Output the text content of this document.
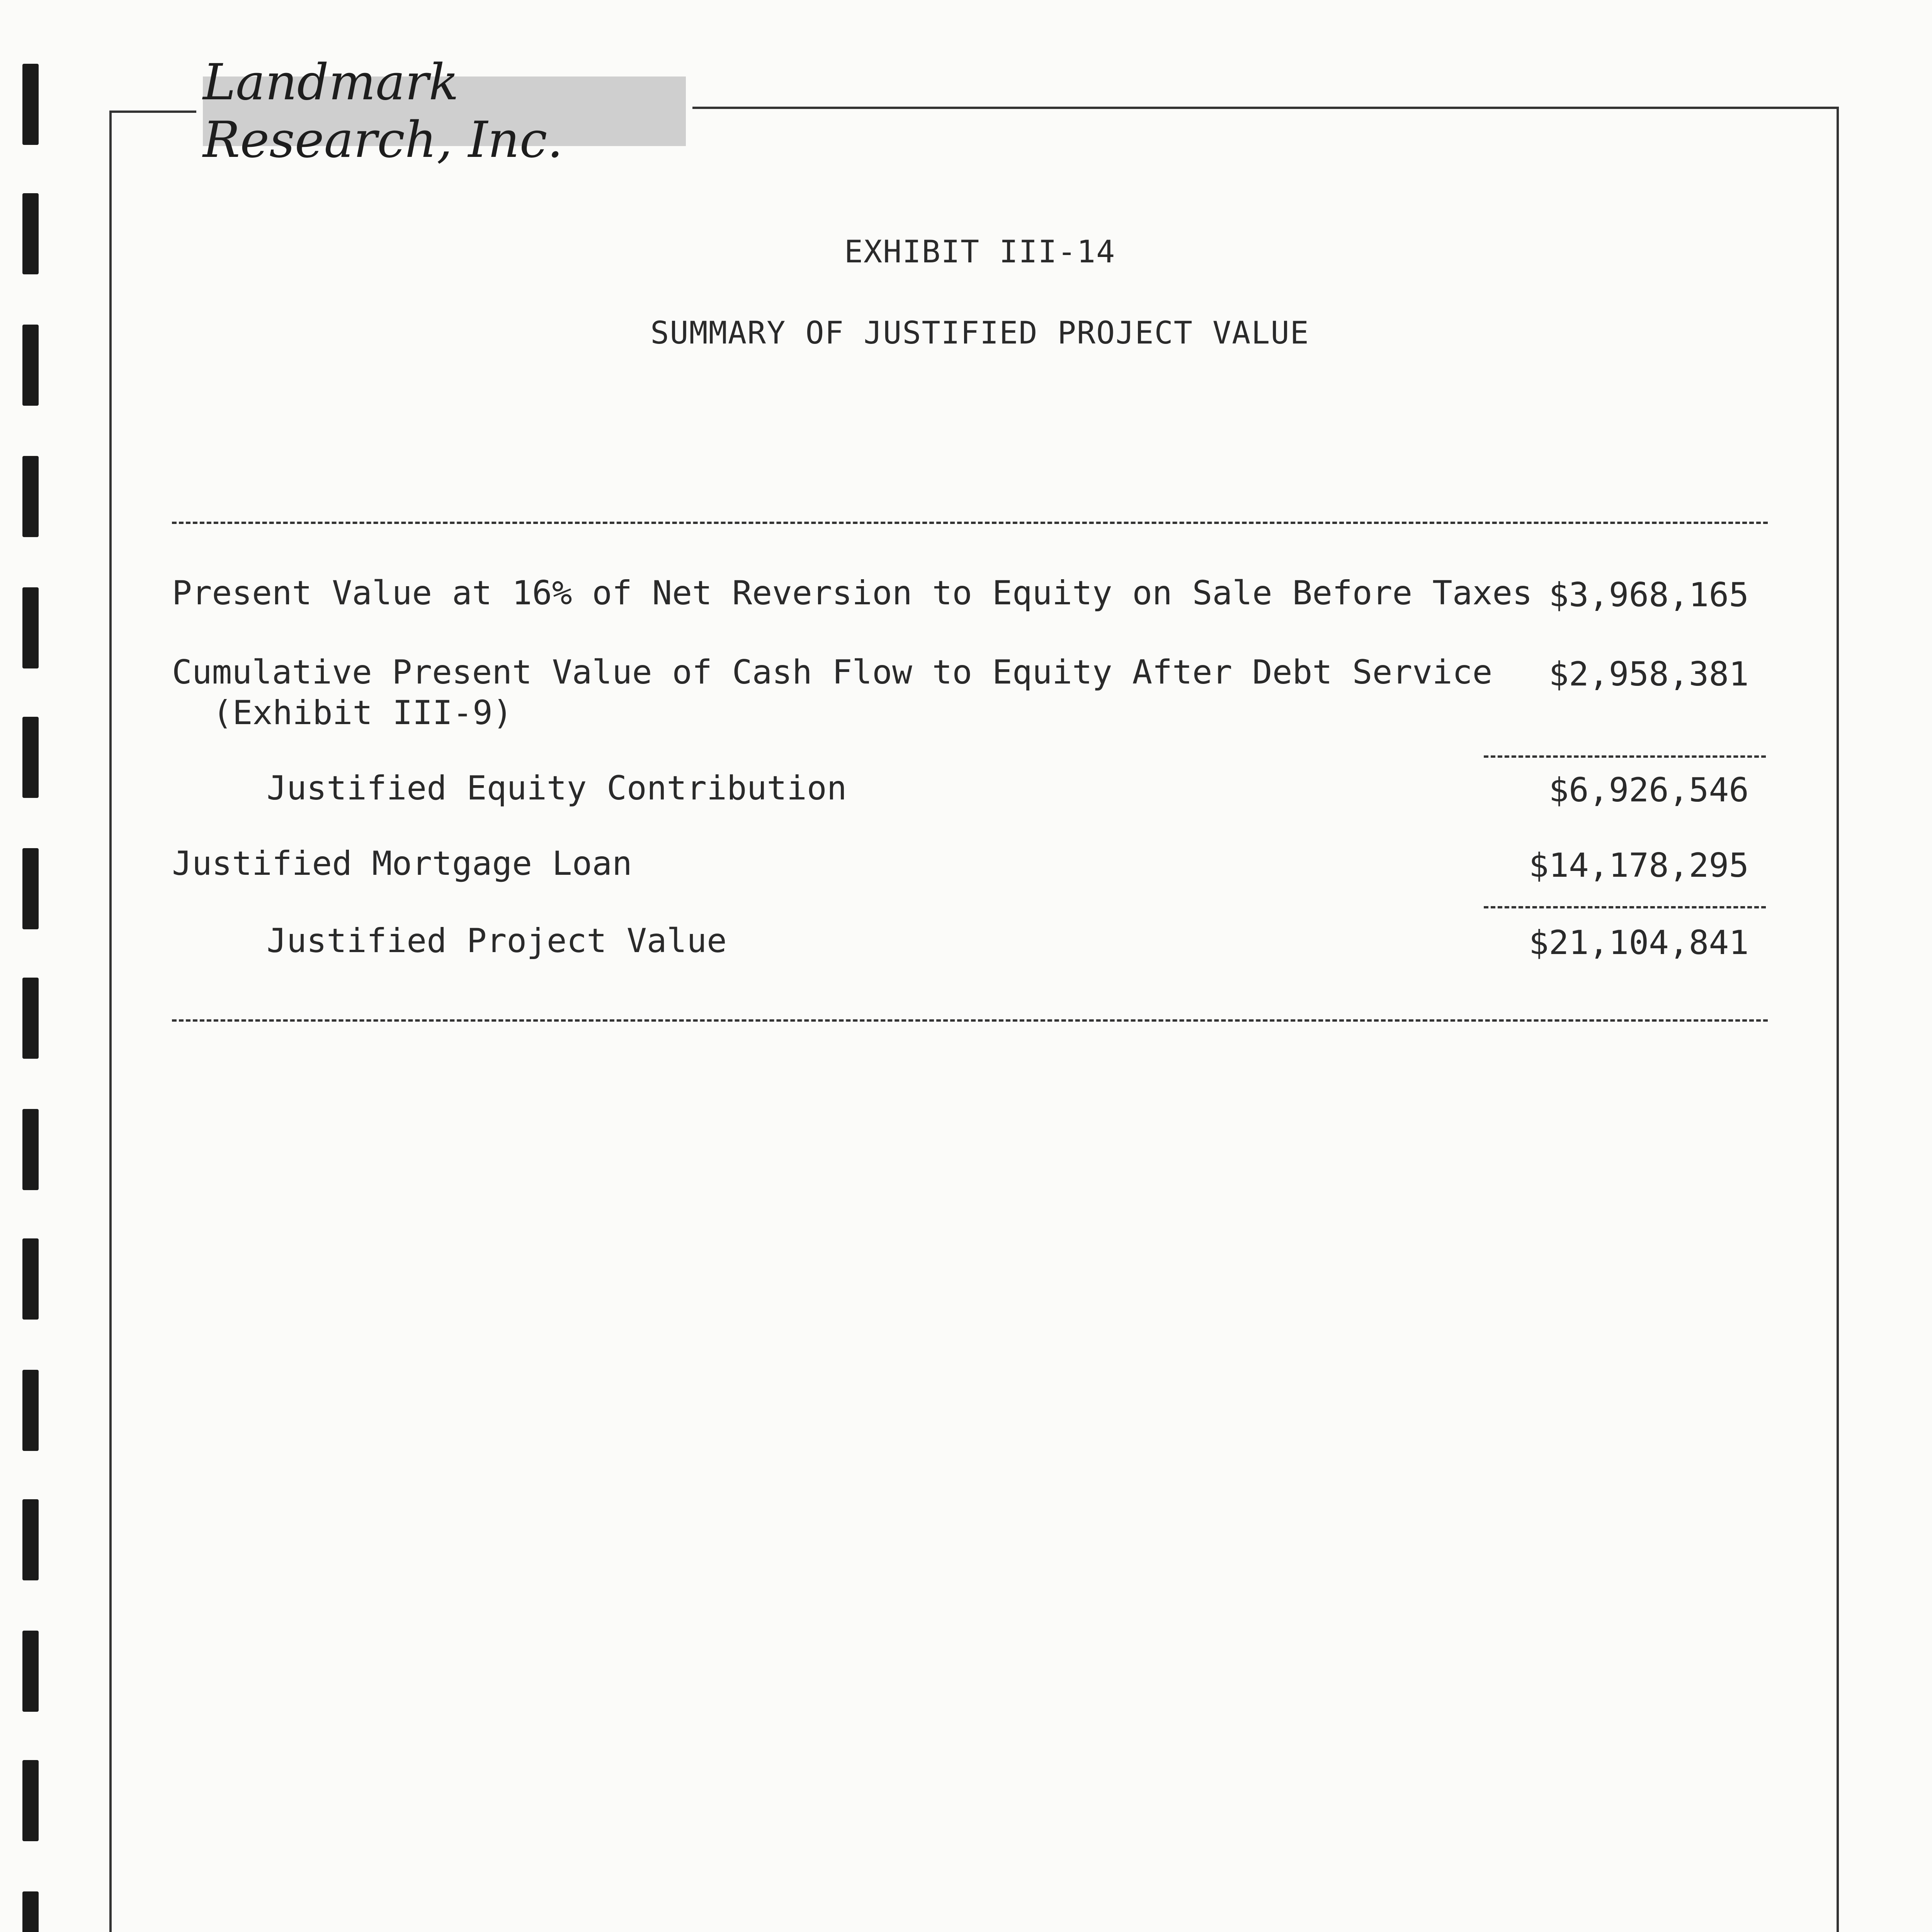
Landmark Research, Inc.
EXHIBIT III-14
SUMMARY OF JUSTIFIED PROJECT VALUE
Present Value at 16% of Net Reversion to Equity on Sale Before Taxes $3,968,165
Cumulative Present Value of Cash Flow to Equity After Debt Service
(Exhibit III-9)
$2,958,381
Justified Equity Contribution	$6,926,546
Justified Mortgage Loan	$14,178,295
Justified Project Value	$21,104,841
